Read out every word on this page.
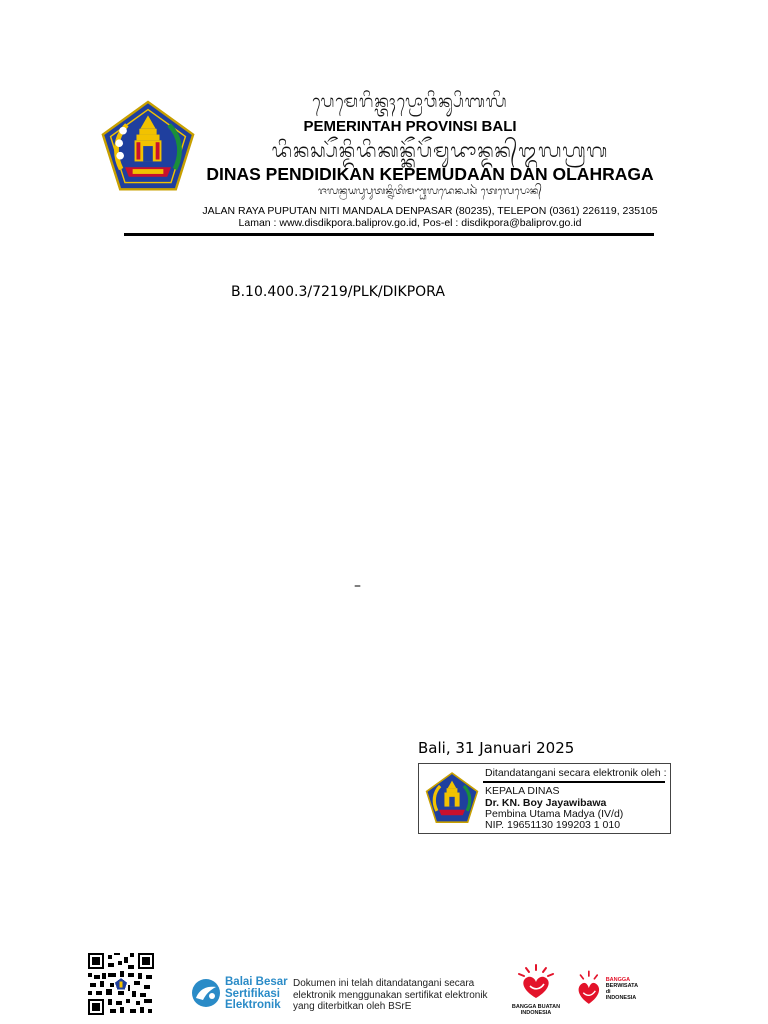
ᬧᬾᬫᬾᬭᬶᬦ᭄ᬢᬄᬧ᭄ᬭᭀᬯᬶᬦ᭄ᬲᬶᬩᬮᬶ
PEMERINTAH PROVINSI BALI
ᬤᬶᬦᬲ᭄ᬧᭂᬦ᭄ᬤᬶᬤᬶᬓᬦ᭄ᬓᭂᬧᭂᬫᬸᬤᬵᬦ᭄ᬤᬦ᭄ᬑᬮᬳ᭄ᬭᬕ
DINAS PENDIDIKAN KEPEMUDAAN DAN OLAHRAGA
ᬚᬮᬦ᭄ᬭᬬᬧᬸᬧᬸᬢᬦ᭄ᬦᬶᬢᬶᬫᬡ᭄ᬟᬮᬤᬾᬦ᭄ᬧᬲᬃ ᬢᬾᬮᬾᬧᭀᬦ᭄
JALAN RAYA PUPUTAN NITI MANDALA DENPASAR (80235), TELEPON (0361) 226119, 235105
Laman : www.disdikpora.baliprov.go.id, Pos-el : disdikpora@baliprov.go.id
B.10.400.3/7219/PLK/DIKPORA
–
Bali, 31 Januari 2025
Ditandatangani secara elektronik oleh :
KEPALA DINAS
Dr. KN. Boy Jayawibawa
Pembina Utama Madya (IV/d)
NIP. 19651130 199203 1 010
Balai Besar
Sertifikasi
Elektronik
Dokumen ini telah ditandatangani secara
elektronik menggunakan sertifikat elektronik
yang diterbitkan oleh BSrE	BANGGA BUATAN
INDONESIA
BANGGA
BERWISATA
di INDONESIA
